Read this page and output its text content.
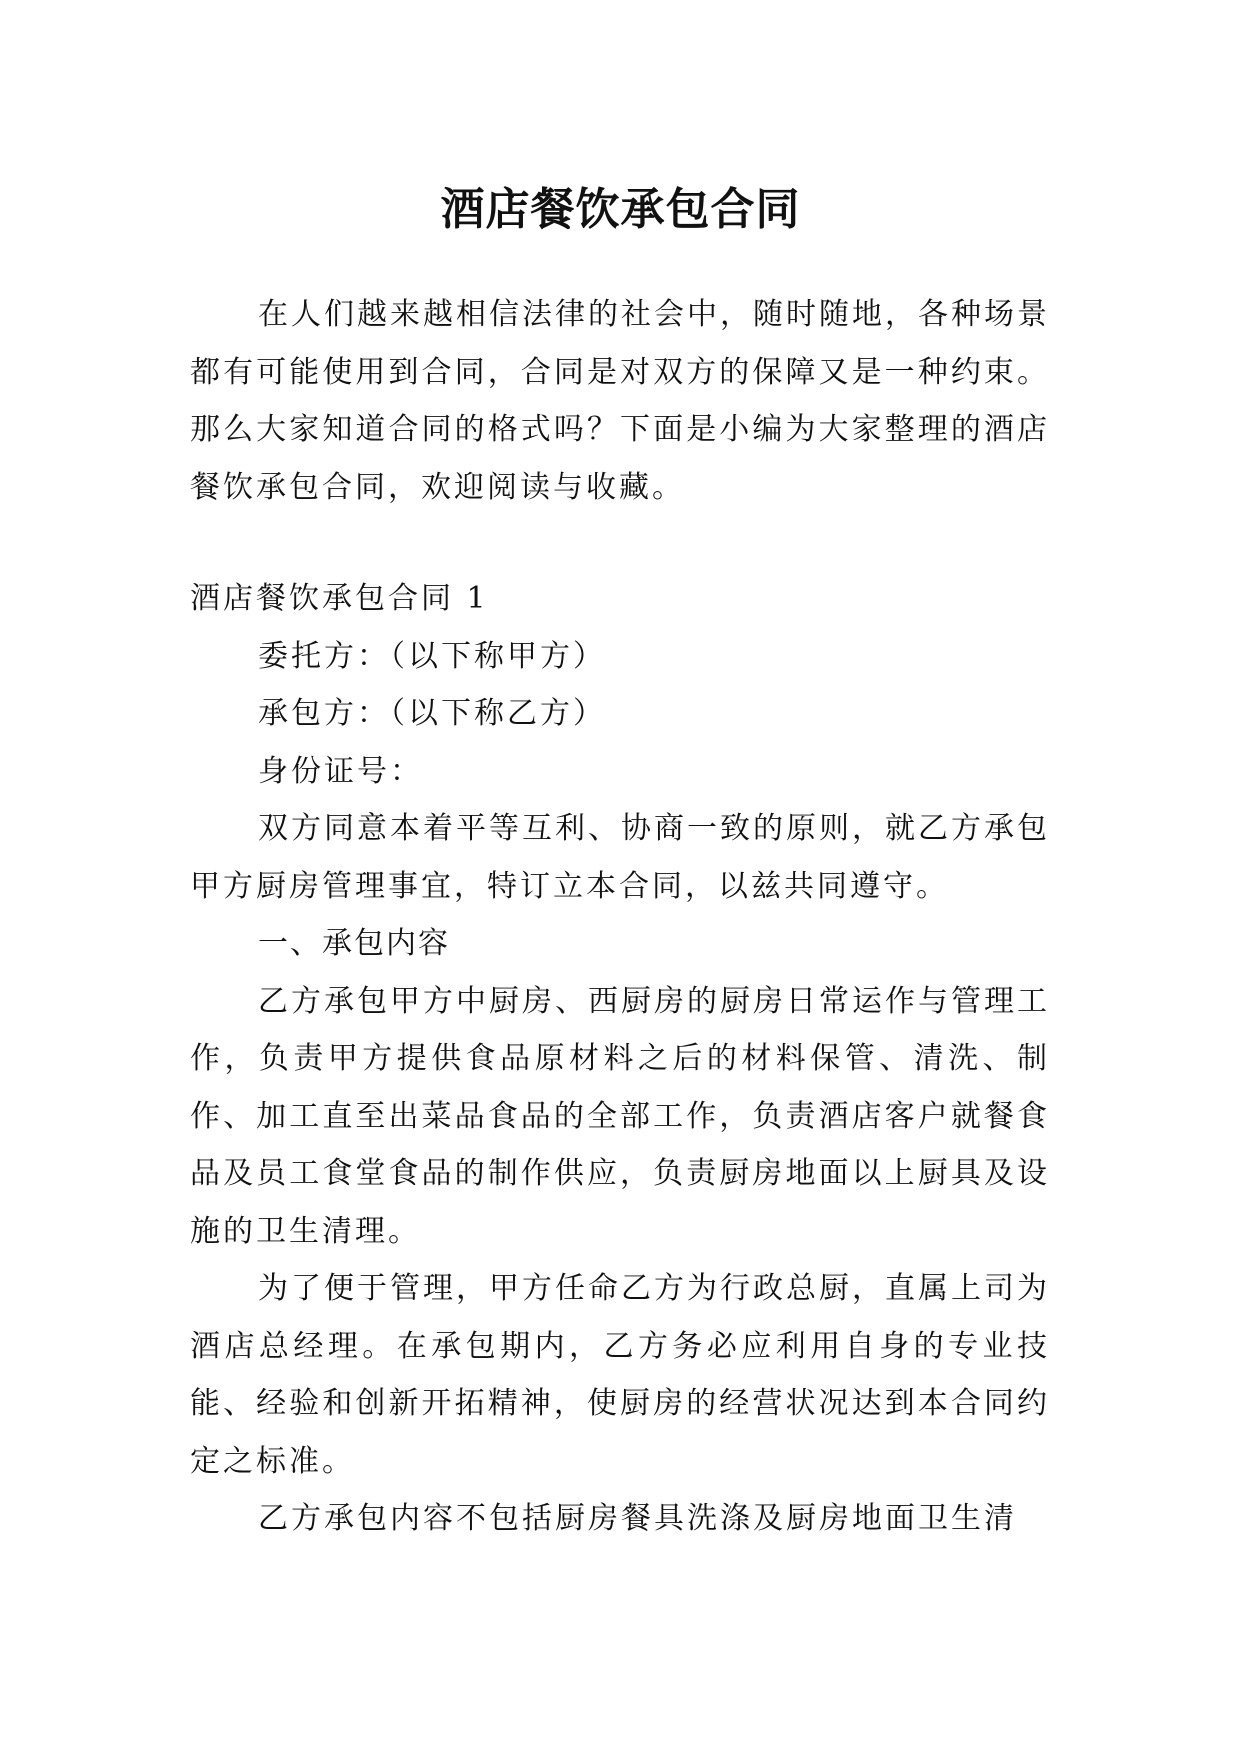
酒店餐饮承包合同

在人们越来越相信法律的社会中，随时随地，各种场景都有可能使用到合同，合同是对双方的保障又是一种约束。那么大家知道合同的格式吗？下面是小编为大家整理的酒店餐饮承包合同，欢迎阅读与收藏。

酒店餐饮承包合同 1

委托方：（以下称甲方）

承包方：（以下称乙方）

身份证号：

双方同意本着平等互利、协商一致的原则，就乙方承包甲方厨房管理事宜，特订立本合同，以兹共同遵守。

一、承包内容

乙方承包甲方中厨房、西厨房的厨房日常运作与管理工作，负责甲方提供食品原材料之后的材料保管、清洗、制作、加工直至出菜品食品的全部工作，负责酒店客户就餐食品及员工食堂食品的制作供应，负责厨房地面以上厨具及设施的卫生清理。

为了便于管理，甲方任命乙方为行政总厨，直属上司为酒店总经理。在承包期内，乙方务必应利用自身的专业技能、经验和创新开拓精神，使厨房的经营状况达到本合同约定之标准。

乙方承包内容不包括厨房餐具洗涤及厨房地面卫生清
